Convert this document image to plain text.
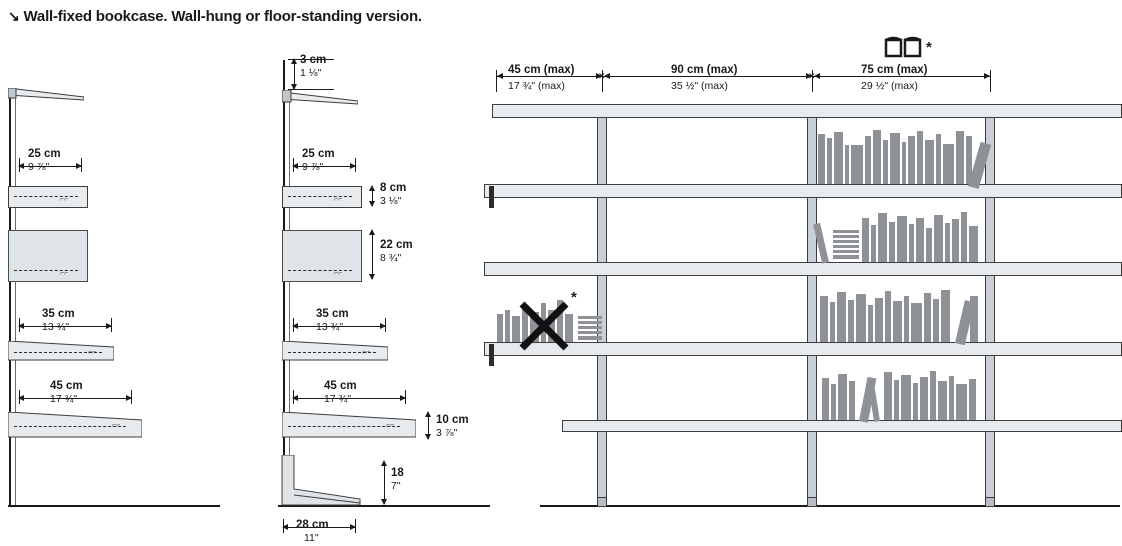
↘ Wall-fixed bookcase. Wall-hung or floor-standing version.
25 cm
9 ⅞"
⌐⌐
⌐⌐
35 cm
13 ¾"
⌐⌐
45 cm
17 ¾"
⌐⌐
3 cm
1 ⅛"
25 cm
9 ⅞"
⌐⌐
8 cm
3 ⅛"
⌐⌐
22 cm
8 ¾"
35 cm
13 ¾"
⌐⌐
45 cm
17 ¾"
⌐⌐	10 cm
3 ⅞"
18
7"
28 cm
11"
*
✕	✕
45 cm (max)
17 ¾" (max)
90 cm (max)
35 ½" (max)
75 cm (max)
29 ½" (max)
*
